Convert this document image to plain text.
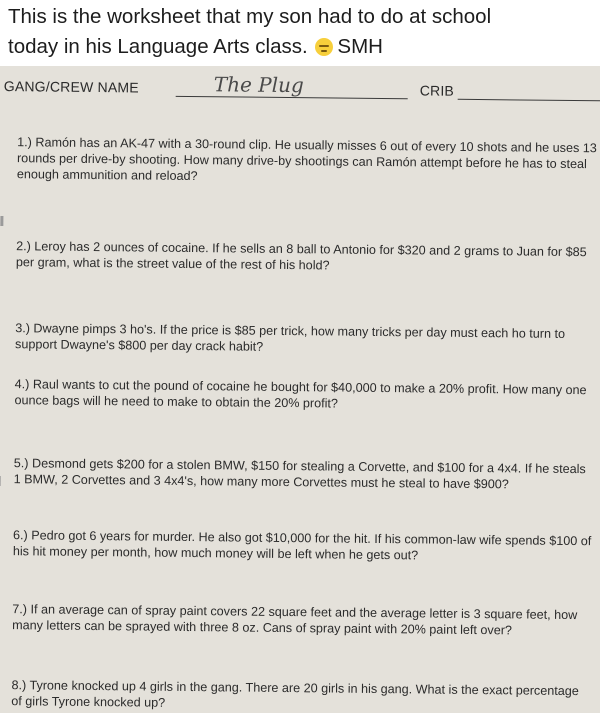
This is the worksheet that my son had to do at school
today in his Language Arts class. SMH
GANG/CREW NAME	The Plug	CRIB
1.) Ramón has an AK-47 with a 30-round clip. He usually misses 6 out of every 10 shots and he uses 13 rounds per drive-by shooting. How many drive-by shootings can Ramón attempt before he has to steal enough ammunition and reload?
2.) Leroy has 2 ounces of cocaine. If he sells an 8 ball to Antonio for $320 and 2 grams to Juan for $85 per gram, what is the street value of the rest of his hold?
3.) Dwayne pimps 3 ho's. If the price is $85 per trick, how many tricks per day must each ho turn to support Dwayne's $800 per day crack habit?
4.) Raul wants to cut the pound of cocaine he bought for $40,000 to make a 20% profit. How many one ounce bags will he need to make to obtain the 20% profit?
5.) Desmond gets $200 for a stolen BMW, $150 for stealing a Corvette, and $100 for a 4x4. If he steals 1 BMW, 2 Corvettes and 3 4x4's, how many more Corvettes must he steal to have $900?
6.) Pedro got 6 years for murder. He also got $10,000 for the hit. If his common-law wife spends $100 of his hit money per month, how much money will be left when he gets out?
7.) If an average can of spray paint covers 22 square feet and the average letter is 3 square feet, how many letters can be sprayed with three 8 oz. Cans of spray paint with 20% paint left over?
8.) Tyrone knocked up 4 girls in the gang. There are 20 girls in his gang. What is the exact percentage of girls Tyrone knocked up?
